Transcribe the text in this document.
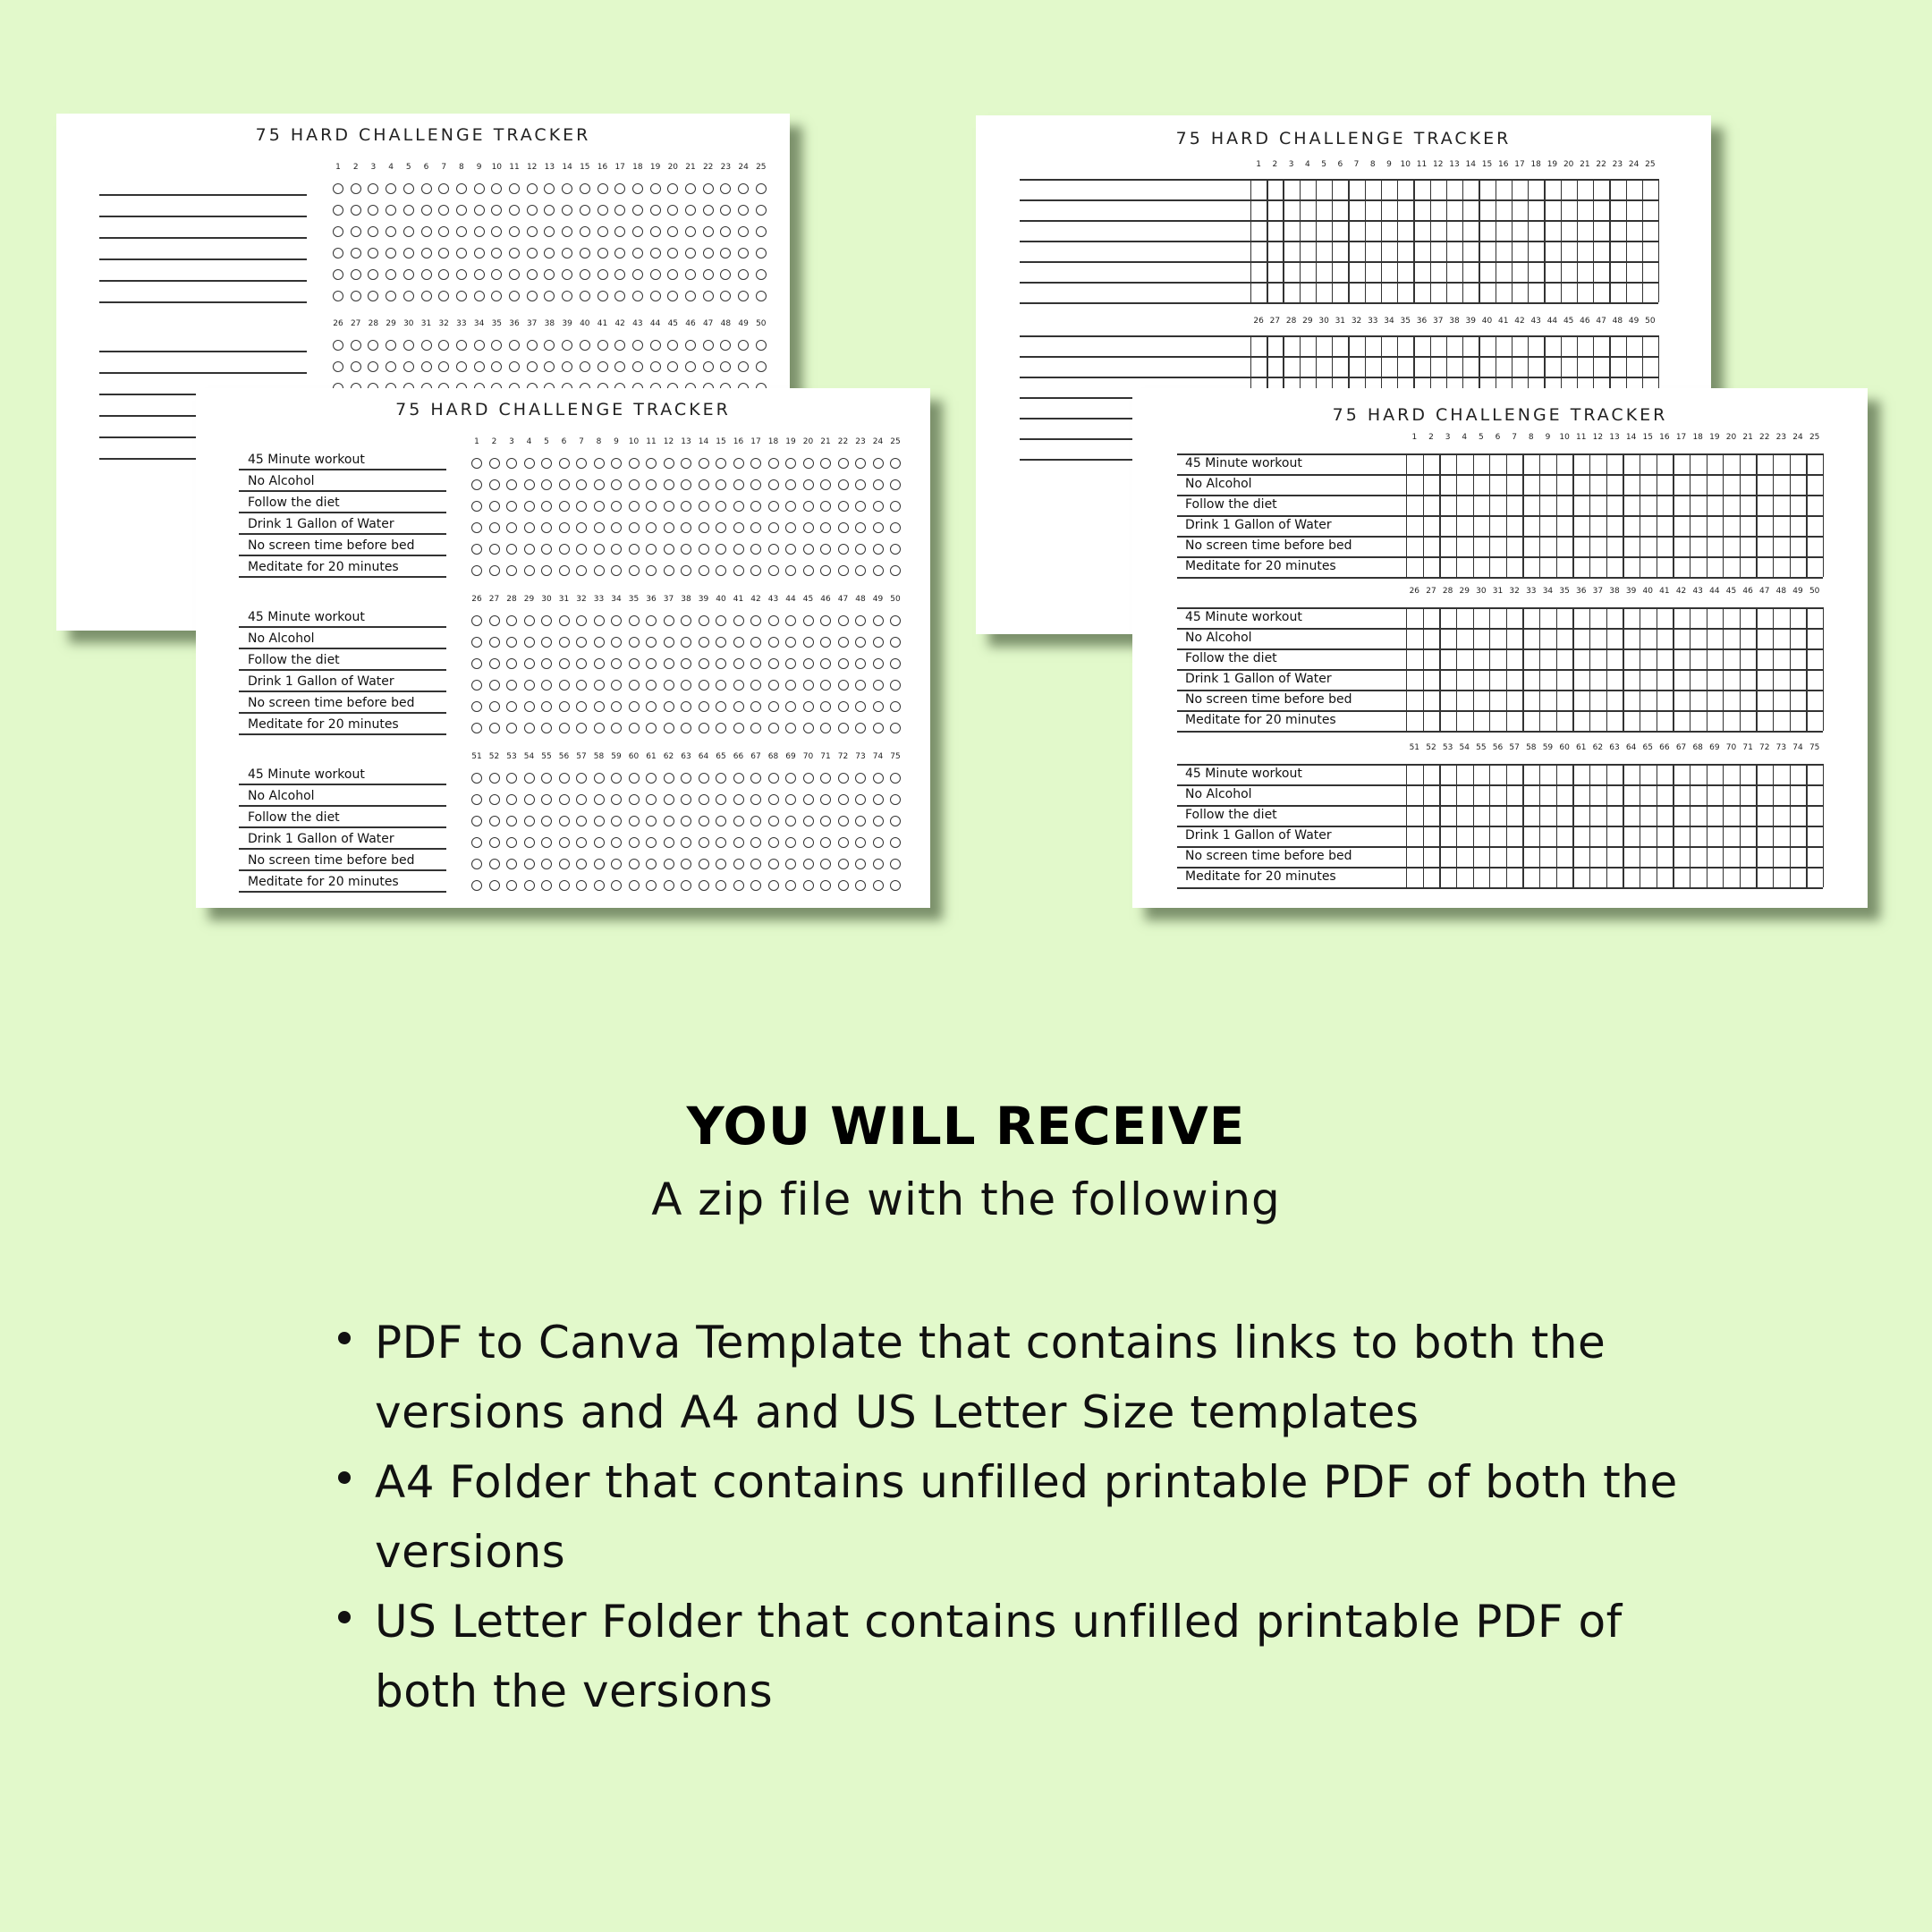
75 HARD CHALLENGE TRACKER
1	2	3	4	5	6	7	8	9	10 11 12 13 14 15 16 17 18 19 20 21 22 23 24 25
26 27 28 29 30 31 32 33 34 35 36 37 38 39 40 41 42 43 44 45 46 47 48 49 50
75 HARD CHALLENGE TRACKER
1	2	3	4	5	6	7	8	9	10 11 12 13 14 15 16 17 18 19 20 21 22 23 24 25
45 Minute workout
No Alcohol
Follow the diet
Drink 1 Gallon of Water
No screen time before bed
Meditate for 20 minutes
26 27 28 29 30 31 32 33 34 35 36 37 38 39 40 41 42 43 44 45 46 47 48 49 50
45 Minute workout
No Alcohol
Follow the diet
Drink 1 Gallon of Water
No screen time before bed
Meditate for 20 minutes
51 52 53 54 55 56 57 58 59 60 61 62 63 64 65 66 67 68 69 70 71 72 73 74 75
45 Minute workout
No Alcohol
Follow the diet
Drink 1 Gallon of Water
No screen time before bed
Meditate for 20 minutes
75 HARD CHALLENGE TRACKER
1	2	3	4	5	6	7	8	9	10 11 12 13 14 15 16 17 18 19 20 21 22 23 24 25
26 27 28 29 30 31 32 33 34 35 36 37 38 39 40 41 42 43 44 45 46 47 48 49 50
75 HARD CHALLENGE TRACKER
1	2	3	4	5	6	7	8	9	10 11 12 13 14 15 16 17 18 19 20 21 22 23 24 25
45 Minute workout
No Alcohol
Follow the diet
Drink 1 Gallon of Water
No screen time before bed
Meditate for 20 minutes
26 27 28 29 30 31 32 33 34 35 36 37 38 39 40 41 42 43 44 45 46 47 48 49 50
45 Minute workout
No Alcohol
Follow the diet
Drink 1 Gallon of Water
No screen time before bed
Meditate for 20 minutes
51 52 53 54 55 56 57 58 59 60 61 62 63 64 65 66 67 68 69 70 71 72 73 74 75
45 Minute workout
No Alcohol
Follow the diet
Drink 1 Gallon of Water
No screen time before bed
Meditate for 20 minutes
YOU WILL RECEIVE
A zip file with the following
PDF to Canva Template that contains links to both the versions and A4 and US Letter Size templates
A4 Folder that contains unfilled printable PDF of both the versions
US Letter Folder that contains unfilled printable PDF of both the versions
